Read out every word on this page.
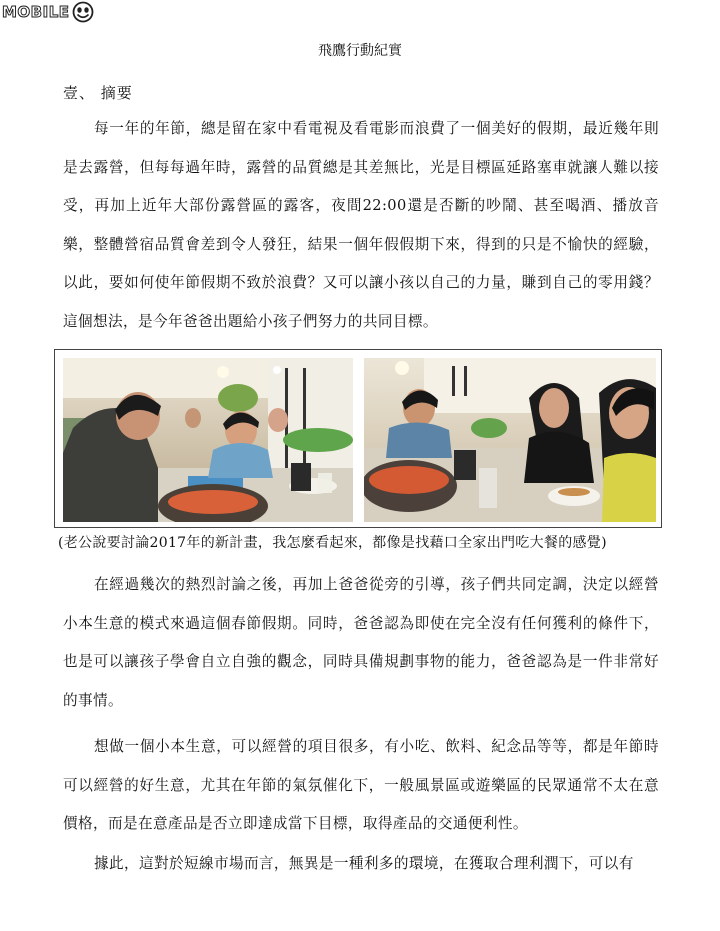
MOBILE
飛鷹行動紀實
壹、 摘要

每一年的年節，總是留在家中看電視及看電影而浪費了一個美好的假期，最近幾年則是去露營，但每每過年時，露營的品質總是其差無比，光是目標區延路塞車就讓人難以接受，再加上近年大部份露營區的露客，夜間22:00還是否斷的吵鬧、甚至喝酒、播放音樂，整體營宿品質會差到令人發狂，結果一個年假假期下來，得到的只是不愉快的經驗，以此，要如何使年節假期不致於浪費？又可以讓小孩以自己的力量，賺到自己的零用錢？這個想法，是今年爸爸出題給小孩子們努力的共同目標。

(老公說要討論2017年的新計畫，我怎麼看起來，都像是找藉口全家出門吃大餐的感覺)

在經過幾次的熱烈討論之後，再加上爸爸從旁的引導，孩子們共同定調，決定以經營小本生意的模式來過這個春節假期。同時，爸爸認為即使在完全沒有任何獲利的條件下，也是可以讓孩子學會自立自強的觀念，同時具備規劃事物的能力，爸爸認為是一件非常好的事情。

想做一個小本生意，可以經營的項目很多，有小吃、飲料、紀念品等等，都是年節時可以經營的好生意，尤其在年節的氣氛催化下，一般風景區或遊樂區的民眾通常不太在意價格，而是在意產品是否立即達成當下目標，取得產品的交通便利性。

據此，這對於短線市場而言，無異是一種利多的環境，在獲取合理利潤下，可以有
